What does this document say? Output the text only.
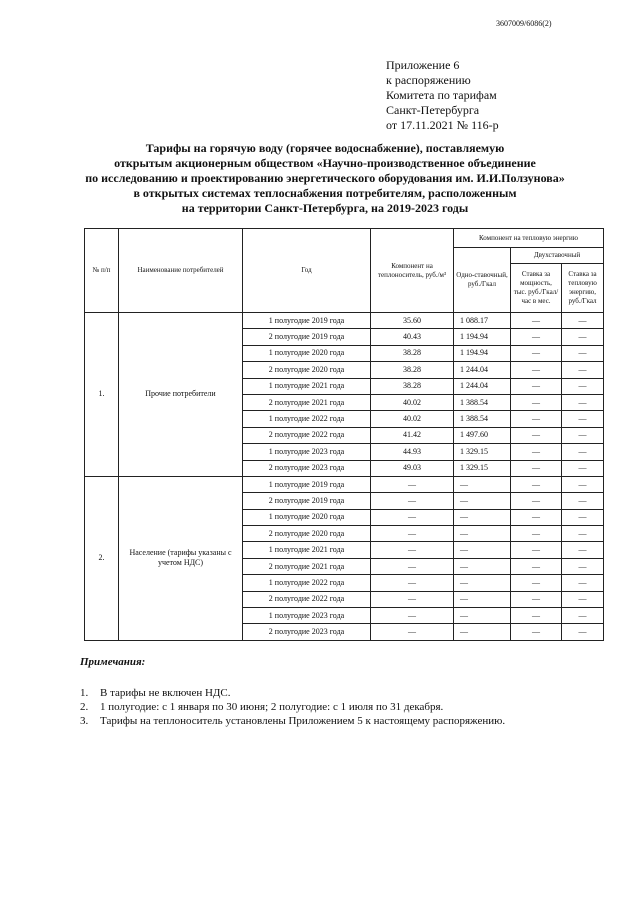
3607009/6086(2)
Приложение 6
к распоряжению
Комитета по тарифам
Санкт-Петербурга
от 17.11.2021 № 116-р
Тарифы на горячую воду (горячее водоснабжение), поставляемую
открытым акционерным обществом «Научно-производственное объединение
по исследованию и проектированию энергетического оборудования им. И.И.Ползунова»
в открытых системах теплоснабжения потребителям, расположенным
на территории Санкт-Петербурга, на 2019-2023 годы
№ п/п	Наименование потребителей	Год	Компонент на теплоноситель, руб./м³	Компонент на тепловую энергию		
				Одно-ставочный, руб./Гкал	Двухставочный	
					Ставка за мощность, тыс. руб./Гкал/час в мес.	Ставка за тепловую энергию, руб./Гкал
1.	Прочие потребители	1 полугодие 2019 года	35.60	1 088.17	—	—
		2 полугодие 2019 года	40.43	1 194.94	—	—
		1 полугодие 2020 года	38.28	1 194.94	—	—
		2 полугодие 2020 года	38.28	1 244.04	—	—
		1 полугодие 2021 года	38.28	1 244.04	—	—
		2 полугодие 2021 года	40.02	1 388.54	—	—
		1 полугодие 2022 года	40.02	1 388.54	—	—
		2 полугодие 2022 года	41.42	1 497.60	—	—
		1 полугодие 2023 года	44.93	1 329.15	—	—
		2 полугодие 2023 года	49.03	1 329.15	—	—
2.	Население (тарифы указаны с учетом НДС)	1 полугодие 2019 года	—	—	—	—
		2 полугодие 2019 года	—	—	—	—
		1 полугодие 2020 года	—	—	—	—
		2 полугодие 2020 года	—	—	—	—
		1 полугодие 2021 года	—	—	—	—
		2 полугодие 2021 года	—	—	—	—
		1 полугодие 2022 года	—	—	—	—
		2 полугодие 2022 года	—	—	—	—
		1 полугодие 2023 года	—	—	—	—
		2 полугодие 2023 года	—	—	—	—
Примечания:
1.	В тарифы не включен НДС.
2.	1 полугодие: с 1 января по 30 июня; 2 полугодие: с 1 июля по 31 декабря.
3.	Тарифы на теплоноситель установлены Приложением 5 к настоящему распоряжению.
